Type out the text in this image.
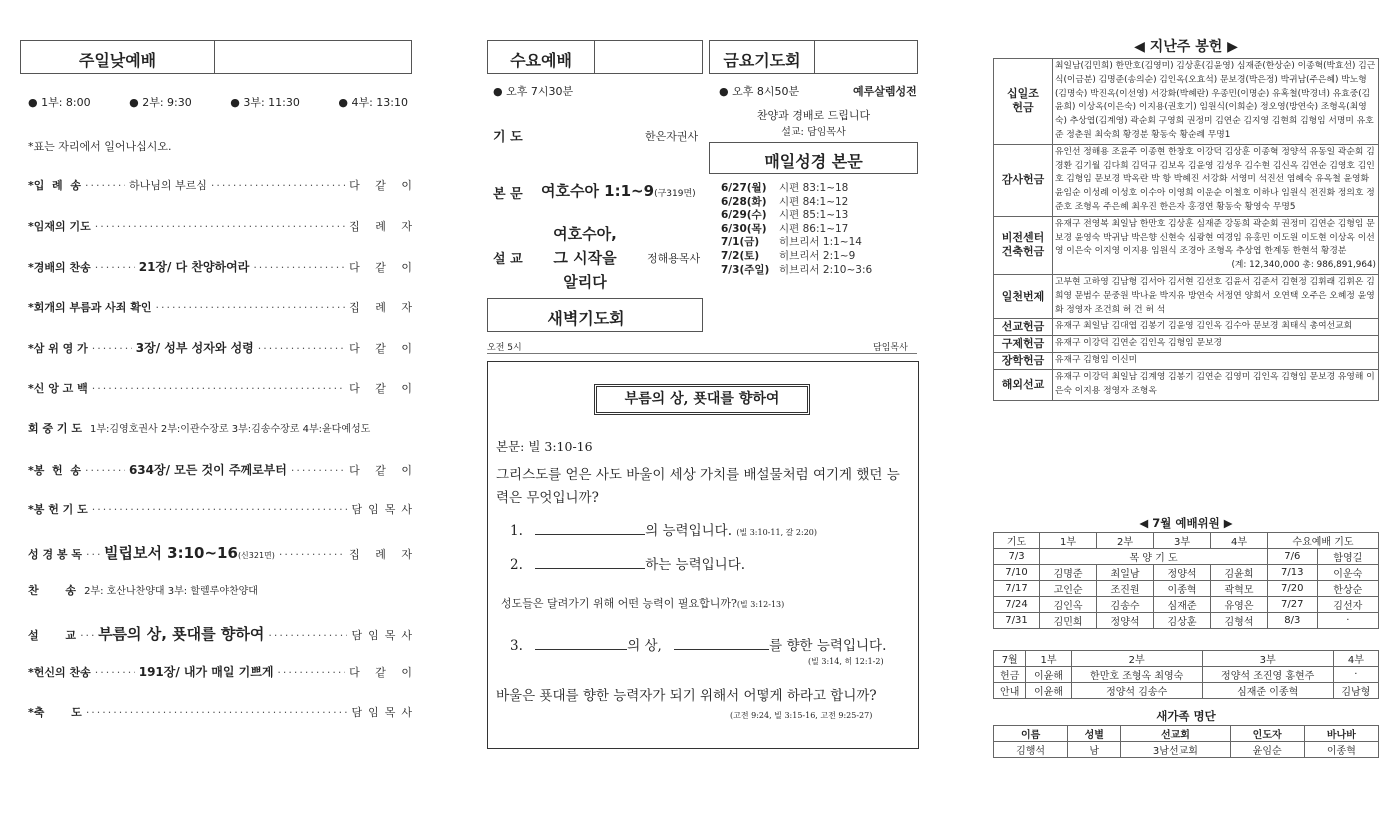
주일낮예배
● 1부: 8:00	● 2부: 9:30	● 3부: 11:30	● 4부: 13:10
*표는 자리에서 일어나십시오.
*입  례  송 ·····	하나님의 부르심 ·····	다 같 이
*임재의 기도 ·····	집 례 자
*경배의 찬송 ·····	21장/ 다 찬양하여라 ·····	다 같 이
*회개의 부름과 사죄 확인 ·····	집 례 자
*삼 위 영 가 ·····	3장/ 성부 성자와 성령 ·····	다 같 이
*신 앙 고 백 ·····	다 같 이
회 중 기 도 1부:김영호권사 2부:이관수장로 3부:김송수장로 4부:윤다예성도
*봉  헌  송 ·····	634장/ 모든 것이 주께로부터 ·····	다 같 이
*봉 헌 기 도 ·····	담임목사
성 경 봉 독 ····· 빌립보서 3:10~16(신321면) ·····	집 례 자
찬       송 2부: 호산나찬양대 3부: 할렐루야찬양대
설       교 ····· 부름의 상, 푯대를 향하여 ·····	담임목사
*헌신의 찬송 ·····	191장/ 내가 매일 기쁘게 ·····	다 같 이
*축       도 ·····	담임목사
수요예배	금요기도회
● 오후 7시30분
기 도	한은자권사
본 문 여호수아 1:1~9(구319면)
설 교
여호수아,
그 시작을
알리다
정해용목사
● 오후 8시50분	예루살렘성전
찬양과 경배로 드립니다
설교: 담임목사
매일성경 본문
6/27(월)	시편 83:1~18
6/28(화)	시편 84:1~12
6/29(수)	시편 85:1~13
6/30(목)	시편 86:1~17
7/1(금)	히브리서 1:1~14
7/2(토)	히브리서 2:1~9
7/3(주일) 히브리서 2:10~3:6
새벽기도회
오전 5시	담임목사
부름의 상, 푯대를 향하여
본문: 빌 3:10-16
그리스도를 얻은 사도 바울이 세상 가치를 배설물처럼 여기게 했던 능력은 무엇입니까?
1.	의 능력입니다. (빌 3:10-11, 갈 2:20)
2.	하는 능력입니다.
성도들은 달려가기 위해 어떤 능력이 필요합니까?(빌 3:12-13)
3.	의 상,	를 향한 능력입니다.
(빌 3:14, 히 12:1-2)
바울은 푯대를 향한 능력자가 되기 위해서 어떻게 하라고 합니까?
(고전 9:24, 빌 3:15-16, 고전 9:25-27)
◀ 지난주 봉헌 ▶
십일조
헌금	최일남(김민희) 한만호(김영미) 김상훈(김윤영) 심재준(한상순) 이종혁(박효선) 김근식(이금분) 김명준(송의순) 김인옥(오효석) 문보경(박은정) 박귀남(주은혜) 박노형(김명숙) 박진옥(이선영) 서강화(박혜란) 우종민(이명순) 유혹철(박경녀) 유효중(김윤희) 이상옥(이은숙) 이지용(권호기) 임원식(이희순) 정오영(방연숙) 조형옥(최영숙) 추상엽(김계영) 곽순회 구영희 권정미 김연순 김지영 김현희 김형임 서명미 유호준 정춘원 최숙희 황경분 황동숙 황순례 무명1
감사헌금	유인선 정해용 조윤주 이종현 한창호 이강덕 김상훈 이종혁 정양석 유동일 곽순회 김경환 김기월 김다희 김덕규 김보옥 김윤영 김성우 김수현 김신옥 김연순 김영호 김인호 김형임 문보경 박옥란 박 항 박혜진 서강화 서영미 석진선 염혜숙 유옥철 윤영화 윤임순 이성례 이성호 이수아 이영희 이운순 이철호 이하나 임원식 전진화 정의호 정준호 조형옥 주은혜 최우진 한은자 홍경연 황동숙 황영숙 무명5
비전센터
건축헌금	유재구 전영복 최일남 한만호 김상훈 심재준 강동희 곽순회 권정미 김연순 김형임 문보경 윤영숙 박귀남 박은향 신현숙 심광현 여경임 유홍민 이도원 이도현 이상옥 이선영 이은숙 이지영 이지용 임원식 조경아 조형옥 추상엽 한계동 한현석 황경분
(계: 12,340,000 총: 986,891,964)

일천번제	고부현 고하영 김남형 김서아 김서현 김선호 김윤서 김준서 김현정 김휘래 김휘온 김희영 문범수 문중원 박나윤 박지유 방연숙 서정연 양희서 오연택 오주은 오혜정 윤영화 정영자 조건희 허 건 허 석
선교헌금	유재구 최일남 김대엽 김봉기 김윤영 김인옥 김수아 문보경 최태식 총여선교회
구제헌금	유재구 이강덕 김연순 김인옥 김형임 문보경
장학헌금	유재구 김형임 이신미
해외선교	유재구 이강덕 최일남 김계영 김봉기 김연순 김영미 김인옥 김형임 문보경 유영해 이은숙 이지용 정영자 조형옥
◀ 7월 예배위원 ▶
기도	1부	2부	3부	4부	수요예배 기도	
7/3	목 양 기 도				7/6	함영길
7/10	김명준	최일남	정양석	김윤희	7/13	이운숙
7/17	고인순	조진원	이종혁	곽혁모	7/20	한상순
7/24	김인옥	김송수	심재준	유영은	7/27	김선자
7/31	김민희	정양석	김상훈	김형석	8/3	·
7월	1부	2부	3부	4부
헌금	이윤해	한만호 조형옥 최영숙	정양석 조진영 홍현주	·
안내	이윤해	정양석 김송수	심재준 이종혁	김남형
새가족 명단
이름	성별	선교회	인도자	바나바
김행석	남	3남선교회	윤임순	이종혁
